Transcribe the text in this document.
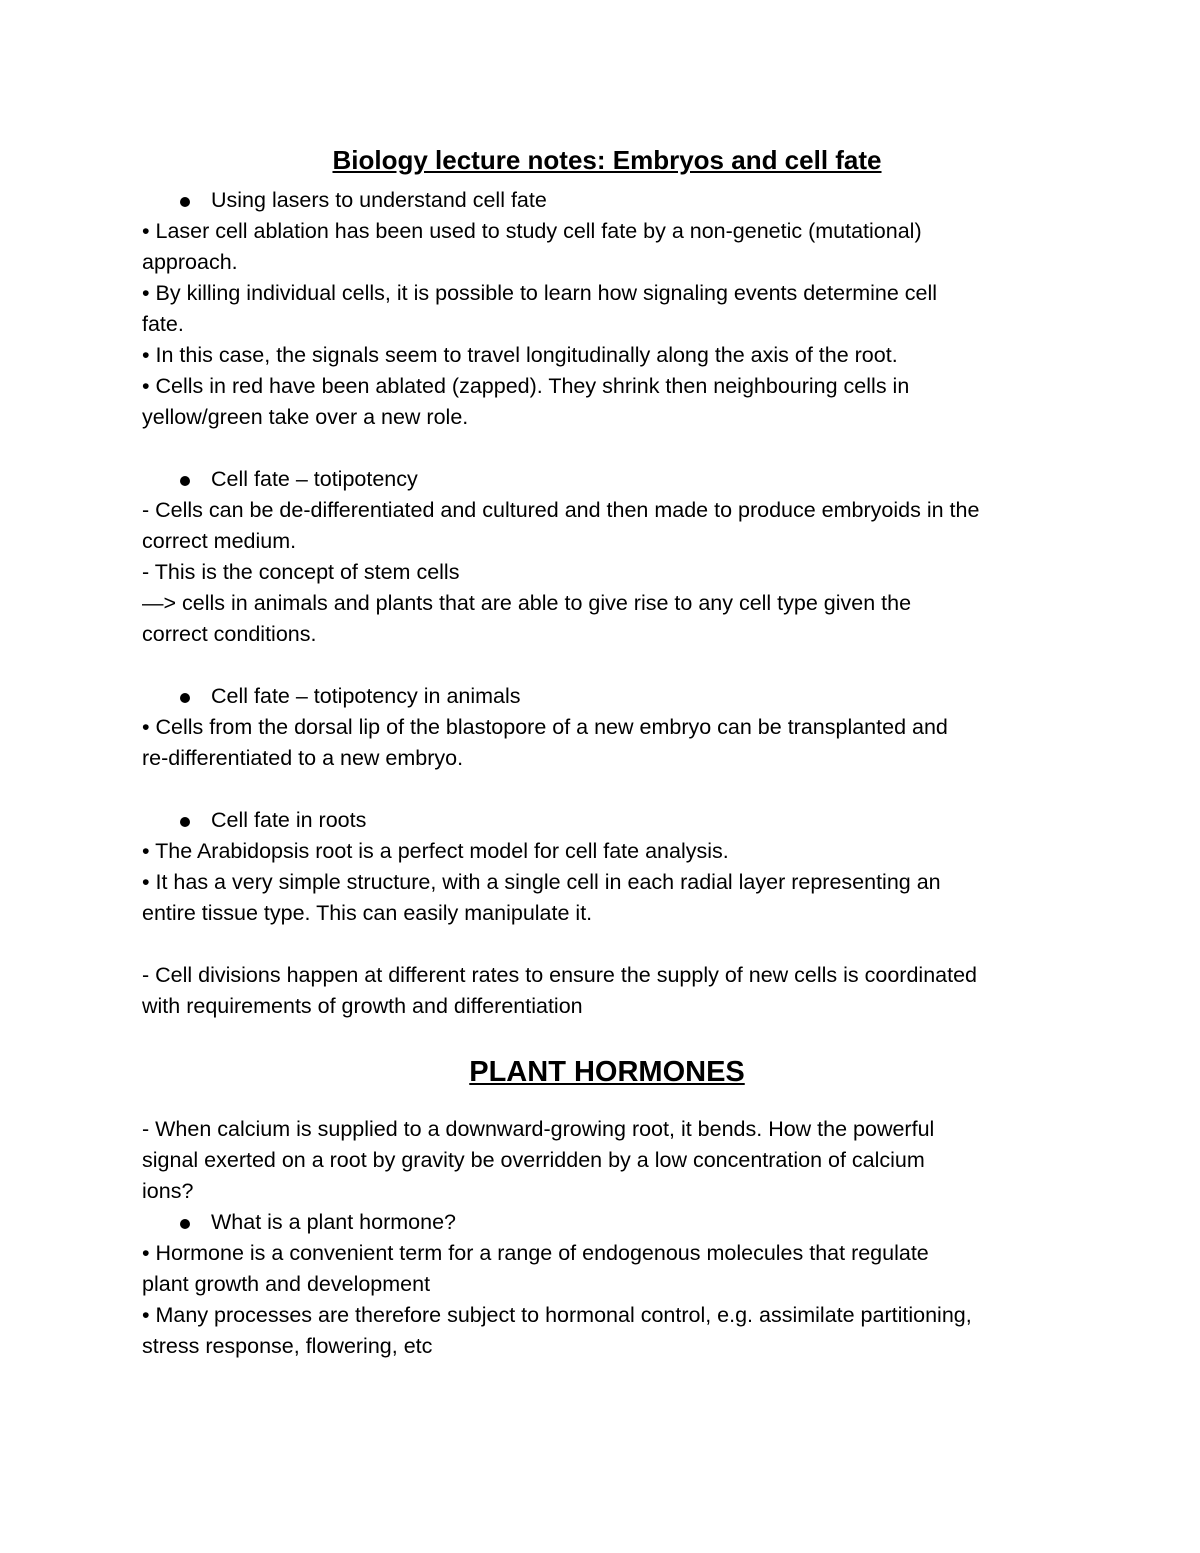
Biology lecture notes: Embryos and cell fate

Using lasers to understand cell fate

• Laser cell ablation has been used to study cell fate by a non-genetic (mutational)

approach.

• By killing individual cells, it is possible to learn how signaling events determine cell

fate.

• In this case, the signals seem to travel longitudinally along the axis of the root.

• Cells in red have been ablated (zapped). They shrink then neighbouring cells in

yellow/green take over a new role.

Cell fate – totipotency

- Cells can be de-differentiated and cultured and then made to produce embryoids in the

correct medium.

- This is the concept of stem cells

—> cells in animals and plants that are able to give rise to any cell type given the

correct conditions.

Cell fate – totipotency in animals

• Cells from the dorsal lip of the blastopore of a new embryo can be transplanted and

re-differentiated to a new embryo.

Cell fate in roots

• The Arabidopsis root is a perfect model for cell fate analysis.

• It has a very simple structure, with a single cell in each radial layer representing an

entire tissue type. This can easily manipulate it.

- Cell divisions happen at different rates to ensure the supply of new cells is coordinated

with requirements of growth and differentiation

PLANT HORMONES

- When calcium is supplied to a downward-growing root, it bends. How the powerful

signal exerted on a root by gravity be overridden by a low concentration of calcium

ions?

What is a plant hormone?

• Hormone is a convenient term for a range of endogenous molecules that regulate

plant growth and development

• Many processes are therefore subject to hormonal control, e.g. assimilate partitioning,

stress response, flowering, etc
